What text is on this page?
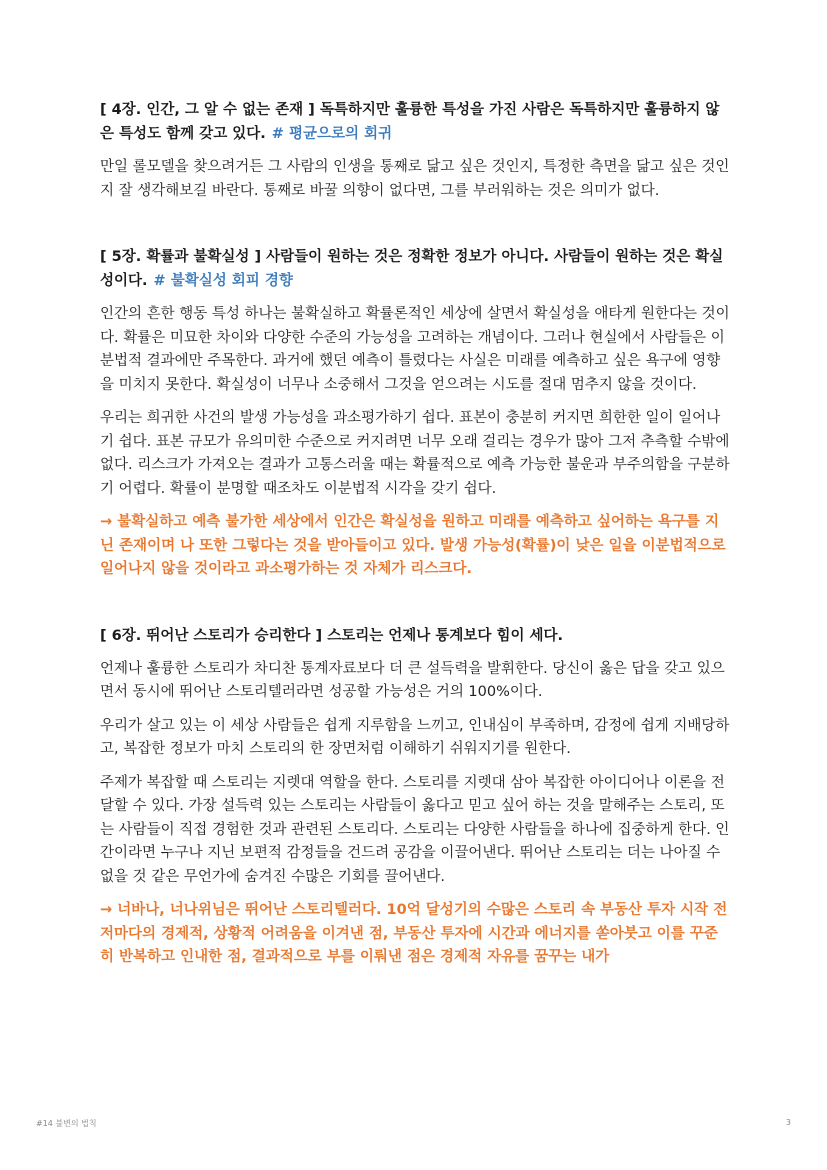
[ 4장. 인간, 그 알 수 없는 존재 ] 독특하지만 훌륭한 특성을 가진 사람은 독특하지만 훌륭하지 않은 특성도 함께 갖고 있다. # 평균으로의 회귀

만일 롤모델을 찾으려거든 그 사람의 인생을 통째로 닮고 싶은 것인지, 특정한 측면을 닮고 싶은 것인지 잘 생각해보길 바란다. 통째로 바꿀 의향이 없다면, 그를 부러워하는 것은 의미가 없다.

[ 5장. 확률과 불확실성 ] 사람들이 원하는 것은 정확한 정보가 아니다. 사람들이 원하는 것은 확실성이다. # 불확실성 회피 경향

인간의 흔한 행동 특성 하나는 불확실하고 확률론적인 세상에 살면서 확실성을 애타게 원한다는 것이다. 확률은 미묘한 차이와 다양한 수준의 가능성을 고려하는 개념이다. 그러나 현실에서 사람들은 이분법적 결과에만 주목한다. 과거에 했던 예측이 틀렸다는 사실은 미래를 예측하고 싶은 욕구에 영향을 미치지 못한다. 확실성이 너무나 소중해서 그것을 얻으려는 시도를 절대 멈추지 않을 것이다.

우리는 희귀한 사건의 발생 가능성을 과소평가하기 쉽다. 표본이 충분히 커지면 희한한 일이 일어나기 쉽다. 표본 규모가 유의미한 수준으로 커지려면 너무 오래 걸리는 경우가 많아 그저 추측할 수밖에 없다. 리스크가 가져오는 결과가 고통스러울 때는 확률적으로 예측 가능한 불운과 부주의함을 구분하기 어렵다. 확률이 분명할 때조차도 이분법적 시각을 갖기 쉽다.

→ 불확실하고 예측 불가한 세상에서 인간은 확실성을 원하고 미래를 예측하고 싶어하는 욕구를 지닌 존재이며 나 또한 그렇다는 것을 받아들이고 있다. 발생 가능성(확률)이 낮은 일을 이분법적으로 일어나지 않을 것이라고 과소평가하는 것 자체가 리스크다.

[ 6장. 뛰어난 스토리가 승리한다 ] 스토리는 언제나 통계보다 힘이 세다.

언제나 훌륭한 스토리가 차디찬 통계자료보다 더 큰 설득력을 발휘한다. 당신이 옳은 답을 갖고 있으면서 동시에 뛰어난 스토리텔러라면 성공할 가능성은 거의 100%이다.

우리가 살고 있는 이 세상 사람들은 쉽게 지루함을 느끼고, 인내심이 부족하며, 감정에 쉽게 지배당하고, 복잡한 정보가 마치 스토리의 한 장면처럼 이해하기 쉬워지기를 원한다.

주제가 복잡할 때 스토리는 지렛대 역할을 한다. 스토리를 지렛대 삼아 복잡한 아이디어나 이론을 전달할 수 있다. 가장 설득력 있는 스토리는 사람들이 옳다고 믿고 싶어 하는 것을 말해주는 스토리, 또는 사람들이 직접 경험한 것과 관련된 스토리다. 스토리는 다양한 사람들을 하나에 집중하게 한다. 인간이라면 누구나 지닌 보편적 감정들을 건드려 공감을 이끌어낸다. 뛰어난 스토리는 더는 나아질 수 없을 것 같은 무언가에 숨겨진 수많은 기회를 끌어낸다.

→ 너바나, 너나위님은 뛰어난 스토리텔러다. 10억 달성기의 수많은 스토리 속 부동산 투자 시작 전 저마다의 경제적, 상황적 어려움을 이겨낸 점, 부동산 투자에 시간과 에너지를 쏟아붓고 이를 꾸준히 반복하고 인내한 점, 결과적으로 부를 이뤄낸 점은 경제적 자유를 꿈꾸는 내가

#14 불변의 법칙	3
